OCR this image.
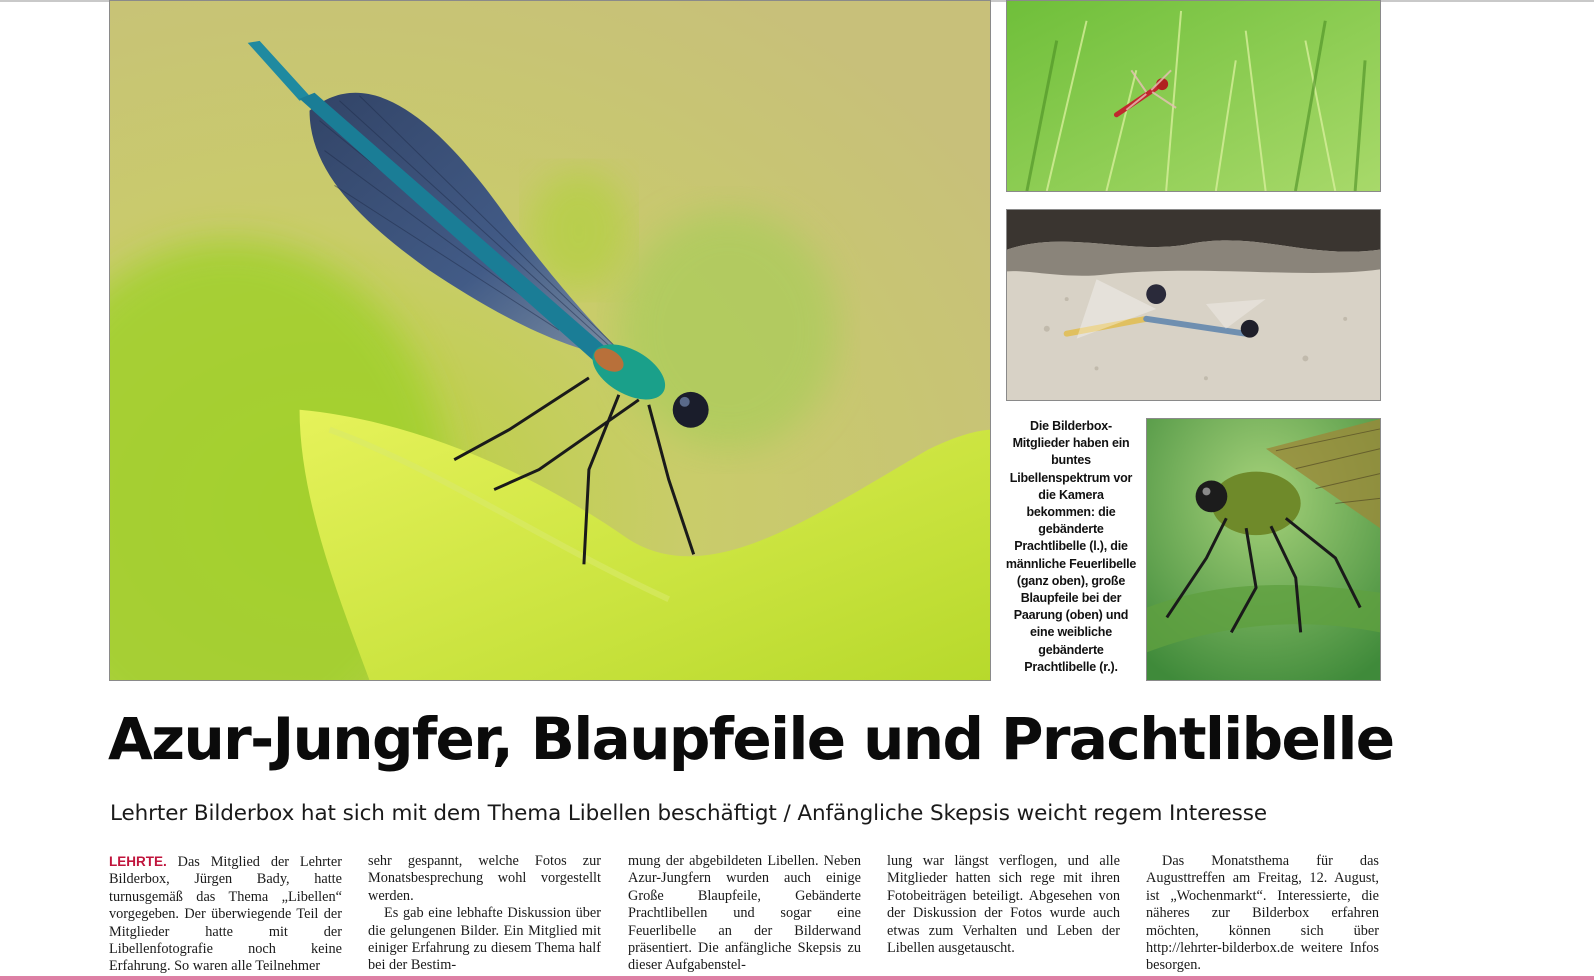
Die Bilderbox-Mitglieder haben ein buntes Libellenspektrum vor die Kamera bekommen: die gebänderte Prachtlibelle (l.), die männliche Feuerlibelle (ganz oben), große Blaupfeile bei der Paarung (oben) und eine weibliche gebänderte Prachtlibelle (r.).
Azur-Jungfer, Blaupfeile und Prachtlibelle
Lehrter Bilderbox hat sich mit dem Thema Libellen beschäftigt / Anfängliche Skepsis weicht regem Interesse

LEHRTE. Das Mitglied der Lehrter Bilderbox, Jürgen Bady, hatte turnusgemäß das Thema „Libellen“ vorgegeben. Der überwiegende Teil der Mitglieder hatte mit der Libellenfotografie noch keine Erfahrung. So waren alle Teilnehmer

sehr gespannt, welche Fotos zur Monatsbesprechung wohl vorgestellt werden.

Es gab eine lebhafte Diskussion über die gelungenen Bilder. Ein Mitglied mit einiger Erfahrung zu diesem Thema half bei der Bestim-

mung der abgebildeten Libellen. Neben Azur-Jungfern wurden auch einige Große Blaupfeile, Gebänderte Prachtlibellen und sogar eine Feuerlibelle an der Bilderwand präsentiert. Die anfängliche Skepsis zu dieser Aufgabenstel-

lung war längst verflogen, und alle Mitglieder hatten sich rege mit ihren Fotobeiträgen beteiligt. Abgesehen von der Diskussion der Fotos wurde auch etwas zum Verhalten und Leben der Libellen ausgetauscht.

Das Monatsthema für das Augusttreffen am Freitag, 12. August, ist „Wochenmarkt“. Interessierte, die näheres zur Bilderbox erfahren möchten, können sich über http://lehrter-bilderbox.de weitere Infos besorgen.
